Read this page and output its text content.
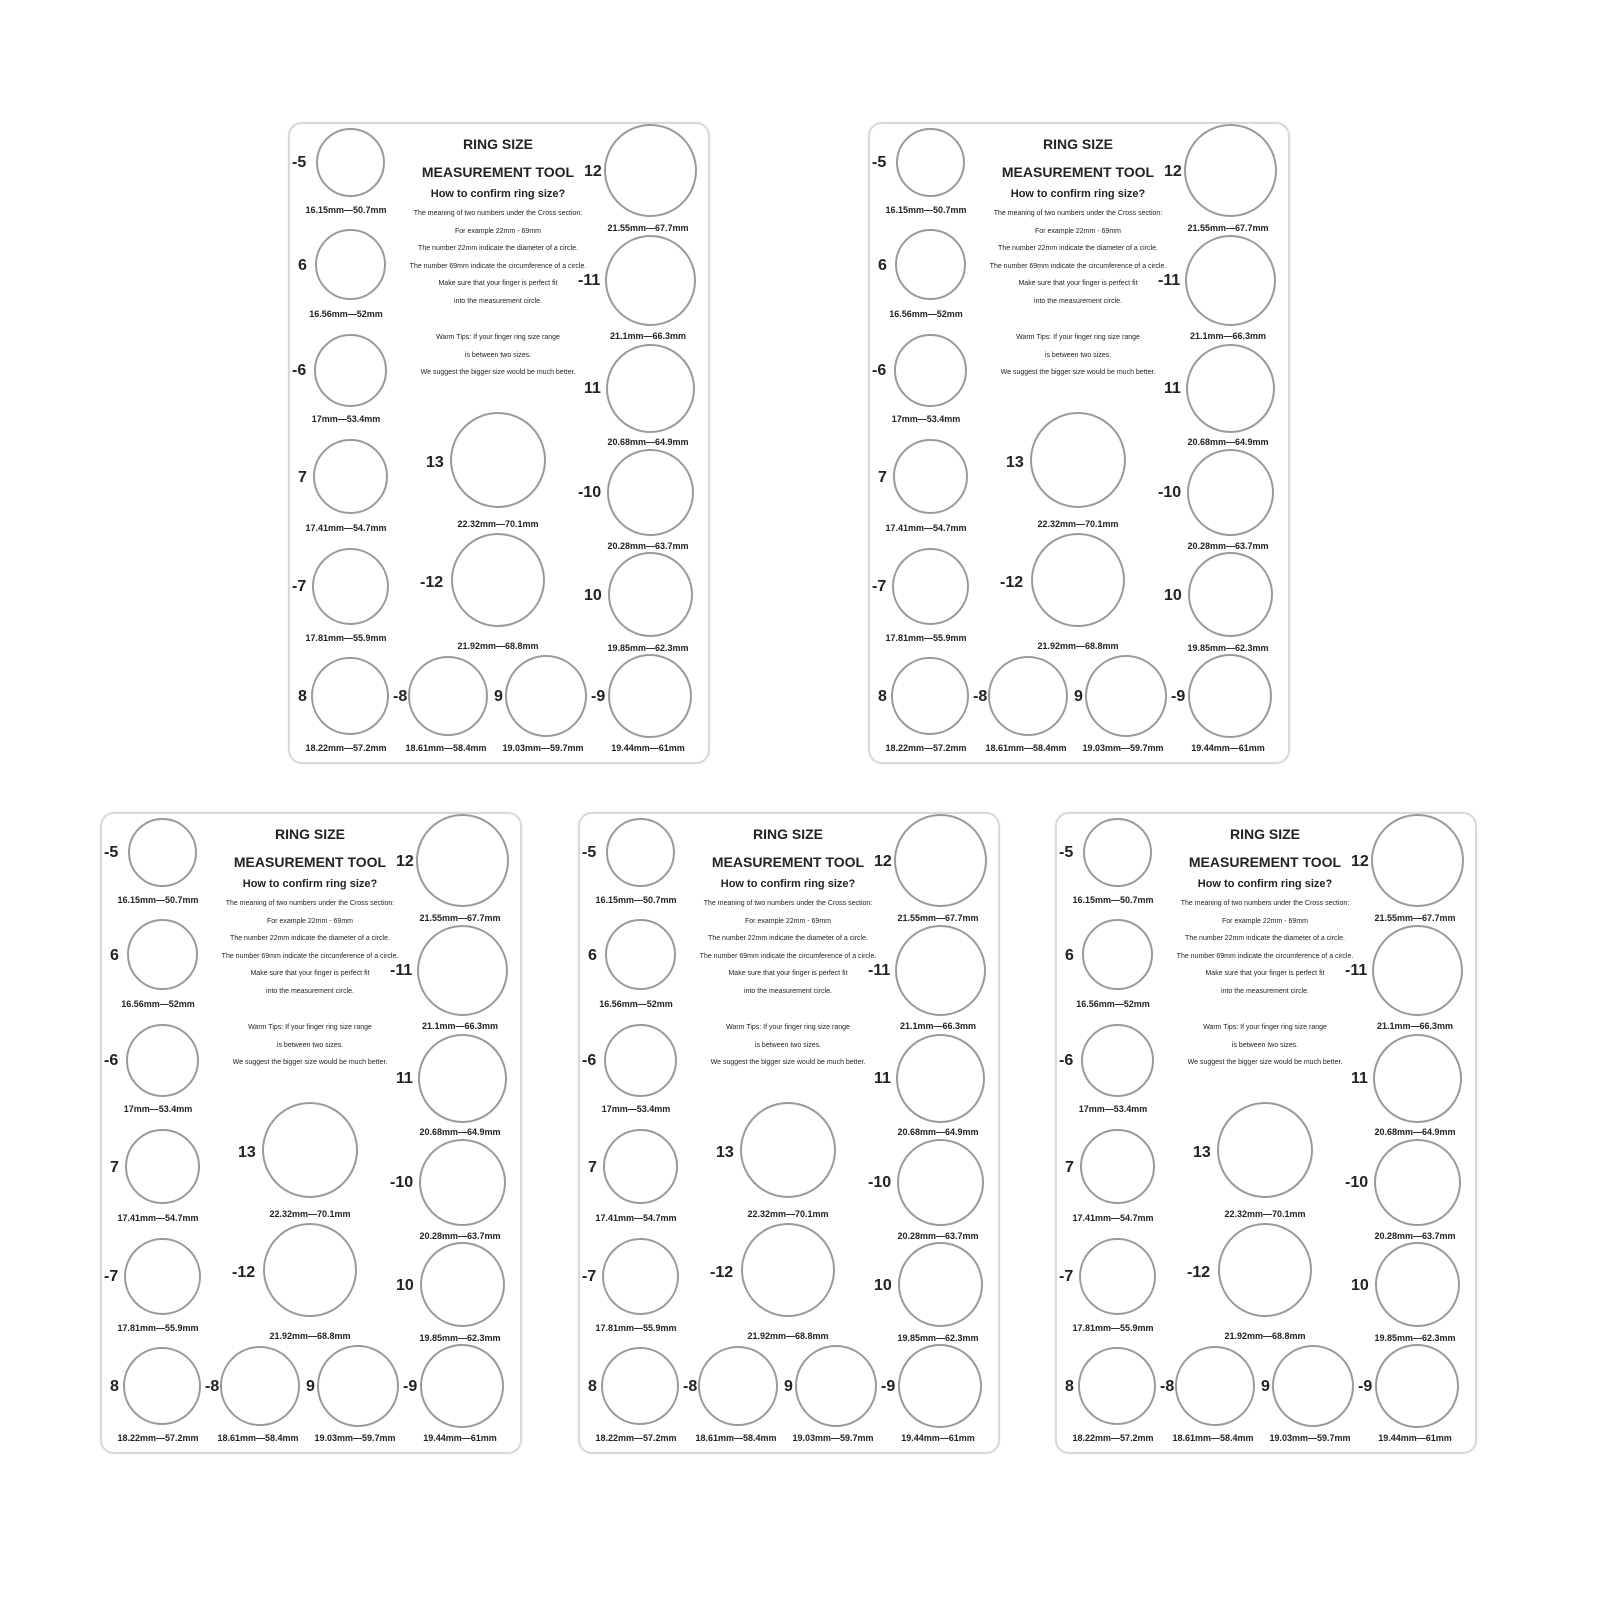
RING SIZE
MEASUREMENT TOOL
How to confirm ring size?
The meaning of two numbers under the Cross section:
For example 22mm - 69mm
The number 22mm indicate the diameter of a circle.
The number 69mm indicate the circumference of a circle.
Make sure that your finger is perfect fit
into the measurement circle.
Warm Tips: If your finger ring size range
is between two sizes.
We suggest the bigger size would be much better.
-5
16.15mm—50.7mm
6
16.56mm—52mm
-6
17mm—53.4mm
7
17.41mm—54.7mm
-7
17.81mm—55.9mm
8
18.22mm—57.2mm
-8
18.61mm—58.4mm
9
19.03mm—59.7mm
-9
19.44mm—61mm
10
19.85mm—62.3mm
-10
20.28mm—63.7mm
11
20.68mm—64.9mm
-11
21.1mm—66.3mm
12
21.55mm—67.7mm
-12
21.92mm—68.8mm
13
22.32mm—70.1mm
RING SIZE
MEASUREMENT TOOL
How to confirm ring size?
The meaning of two numbers under the Cross section:
For example 22mm - 69mm
The number 22mm indicate the diameter of a circle.
The number 69mm indicate the circumference of a circle.
Make sure that your finger is perfect fit
into the measurement circle.
Warm Tips: If your finger ring size range
is between two sizes.
We suggest the bigger size would be much better.
-5
16.15mm—50.7mm
6
16.56mm—52mm
-6
17mm—53.4mm
7
17.41mm—54.7mm
-7
17.81mm—55.9mm
8
18.22mm—57.2mm
-8
18.61mm—58.4mm
9
19.03mm—59.7mm
-9
19.44mm—61mm
10
19.85mm—62.3mm
-10
20.28mm—63.7mm
11
20.68mm—64.9mm
-11
21.1mm—66.3mm
12
21.55mm—67.7mm
-12
21.92mm—68.8mm
13
22.32mm—70.1mm
RING SIZE
MEASUREMENT TOOL
How to confirm ring size?
The meaning of two numbers under the Cross section:
For example 22mm - 69mm
The number 22mm indicate the diameter of a circle.
The number 69mm indicate the circumference of a circle.
Make sure that your finger is perfect fit
into the measurement circle.
Warm Tips: If your finger ring size range
is between two sizes.
We suggest the bigger size would be much better.
-5
16.15mm—50.7mm
6
16.56mm—52mm
-6
17mm—53.4mm
7
17.41mm—54.7mm
-7
17.81mm—55.9mm
8
18.22mm—57.2mm
-8
18.61mm—58.4mm
9
19.03mm—59.7mm
-9
19.44mm—61mm
10
19.85mm—62.3mm
-10
20.28mm—63.7mm
11
20.68mm—64.9mm
-11
21.1mm—66.3mm
12
21.55mm—67.7mm
-12
21.92mm—68.8mm
13
22.32mm—70.1mm
RING SIZE
MEASUREMENT TOOL
How to confirm ring size?
The meaning of two numbers under the Cross section:
For example 22mm - 69mm
The number 22mm indicate the diameter of a circle.
The number 69mm indicate the circumference of a circle.
Make sure that your finger is perfect fit
into the measurement circle.
Warm Tips: If your finger ring size range
is between two sizes.
We suggest the bigger size would be much better.
-5
16.15mm—50.7mm
6
16.56mm—52mm
-6
17mm—53.4mm
7
17.41mm—54.7mm
-7
17.81mm—55.9mm
8
18.22mm—57.2mm
-8
18.61mm—58.4mm
9
19.03mm—59.7mm
-9
19.44mm—61mm
10
19.85mm—62.3mm
-10
20.28mm—63.7mm
11
20.68mm—64.9mm
-11
21.1mm—66.3mm
12
21.55mm—67.7mm
-12
21.92mm—68.8mm
13
22.32mm—70.1mm
RING SIZE
MEASUREMENT TOOL
How to confirm ring size?
The meaning of two numbers under the Cross section:
For example 22mm - 69mm
The number 22mm indicate the diameter of a circle.
The number 69mm indicate the circumference of a circle.
Make sure that your finger is perfect fit
into the measurement circle.
Warm Tips: If your finger ring size range
is between two sizes.
We suggest the bigger size would be much better.
-5
16.15mm—50.7mm
6
16.56mm—52mm
-6
17mm—53.4mm
7
17.41mm—54.7mm
-7
17.81mm—55.9mm
8
18.22mm—57.2mm
-8
18.61mm—58.4mm
9
19.03mm—59.7mm
-9
19.44mm—61mm
10
19.85mm—62.3mm
-10
20.28mm—63.7mm
11
20.68mm—64.9mm
-11
21.1mm—66.3mm
12
21.55mm—67.7mm
-12
21.92mm—68.8mm
13
22.32mm—70.1mm
